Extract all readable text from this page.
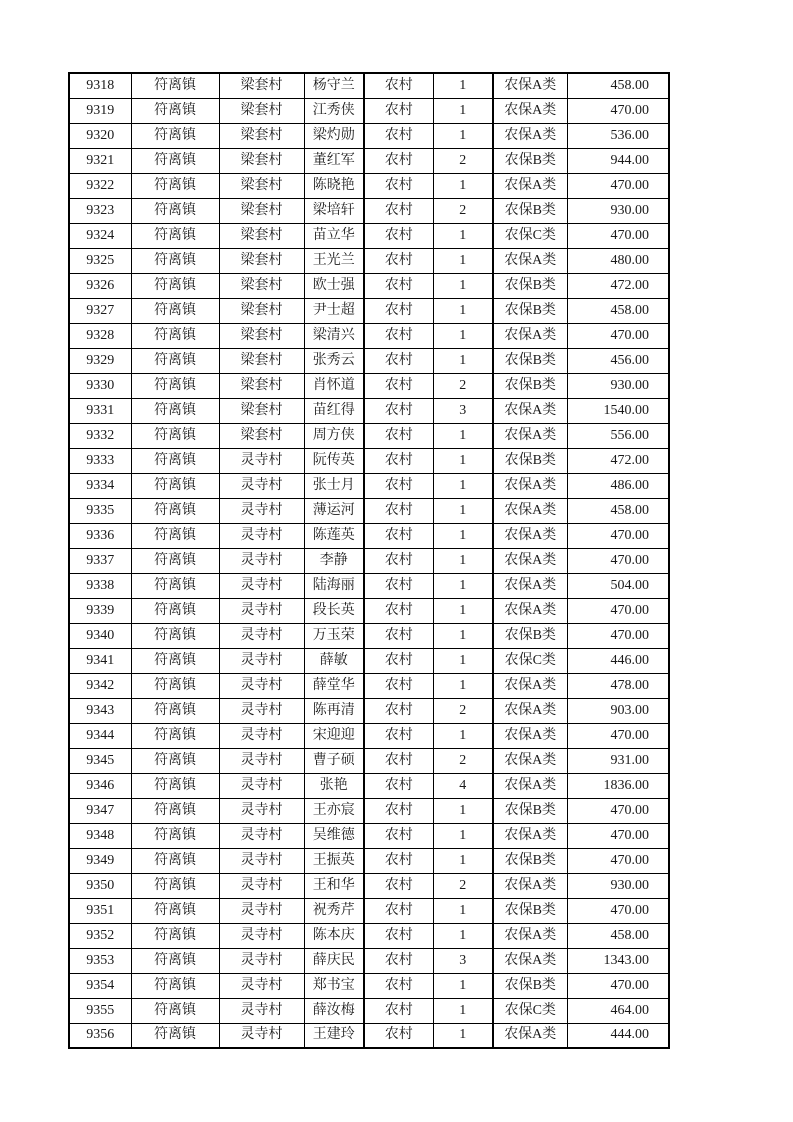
9318	符离镇	梁套村	杨守兰	农村	1	农保A类	458.00
9319	符离镇	梁套村	江秀侠	农村	1	农保A类	470.00
9320	符离镇	梁套村	梁灼勋	农村	1	农保A类	536.00
9321	符离镇	梁套村	董红军	农村	2	农保B类	944.00
9322	符离镇	梁套村	陈晓艳	农村	1	农保A类	470.00
9323	符离镇	梁套村	梁培轩	农村	2	农保B类	930.00
9324	符离镇	梁套村	苗立华	农村	1	农保C类	470.00
9325	符离镇	梁套村	王光兰	农村	1	农保A类	480.00
9326	符离镇	梁套村	欧士强	农村	1	农保B类	472.00
9327	符离镇	梁套村	尹士超	农村	1	农保B类	458.00
9328	符离镇	梁套村	梁清兴	农村	1	农保A类	470.00
9329	符离镇	梁套村	张秀云	农村	1	农保B类	456.00
9330	符离镇	梁套村	肖怀道	农村	2	农保B类	930.00
9331	符离镇	梁套村	苗红得	农村	3	农保A类	1540.00
9332	符离镇	梁套村	周方侠	农村	1	农保A类	556.00
9333	符离镇	灵寺村	阮传英	农村	1	农保B类	472.00
9334	符离镇	灵寺村	张士月	农村	1	农保A类	486.00
9335	符离镇	灵寺村	薄运河	农村	1	农保A类	458.00
9336	符离镇	灵寺村	陈莲英	农村	1	农保A类	470.00
9337	符离镇	灵寺村	李静	农村	1	农保A类	470.00
9338	符离镇	灵寺村	陆海丽	农村	1	农保A类	504.00
9339	符离镇	灵寺村	段长英	农村	1	农保A类	470.00
9340	符离镇	灵寺村	万玉荣	农村	1	农保B类	470.00
9341	符离镇	灵寺村	薛敏	农村	1	农保C类	446.00
9342	符离镇	灵寺村	薛堂华	农村	1	农保A类	478.00
9343	符离镇	灵寺村	陈再清	农村	2	农保A类	903.00
9344	符离镇	灵寺村	宋迎迎	农村	1	农保A类	470.00
9345	符离镇	灵寺村	曹子硕	农村	2	农保A类	931.00
9346	符离镇	灵寺村	张艳	农村	4	农保A类	1836.00
9347	符离镇	灵寺村	王亦宸	农村	1	农保B类	470.00
9348	符离镇	灵寺村	吴维德	农村	1	农保A类	470.00
9349	符离镇	灵寺村	王振英	农村	1	农保B类	470.00
9350	符离镇	灵寺村	王和华	农村	2	农保A类	930.00
9351	符离镇	灵寺村	祝秀芹	农村	1	农保B类	470.00
9352	符离镇	灵寺村	陈本庆	农村	1	农保A类	458.00
9353	符离镇	灵寺村	薛庆民	农村	3	农保A类	1343.00
9354	符离镇	灵寺村	郑书宝	农村	1	农保B类	470.00
9355	符离镇	灵寺村	薛汝梅	农村	1	农保C类	464.00
9356	符离镇	灵寺村	王建玲	农村	1	农保A类	444.00
